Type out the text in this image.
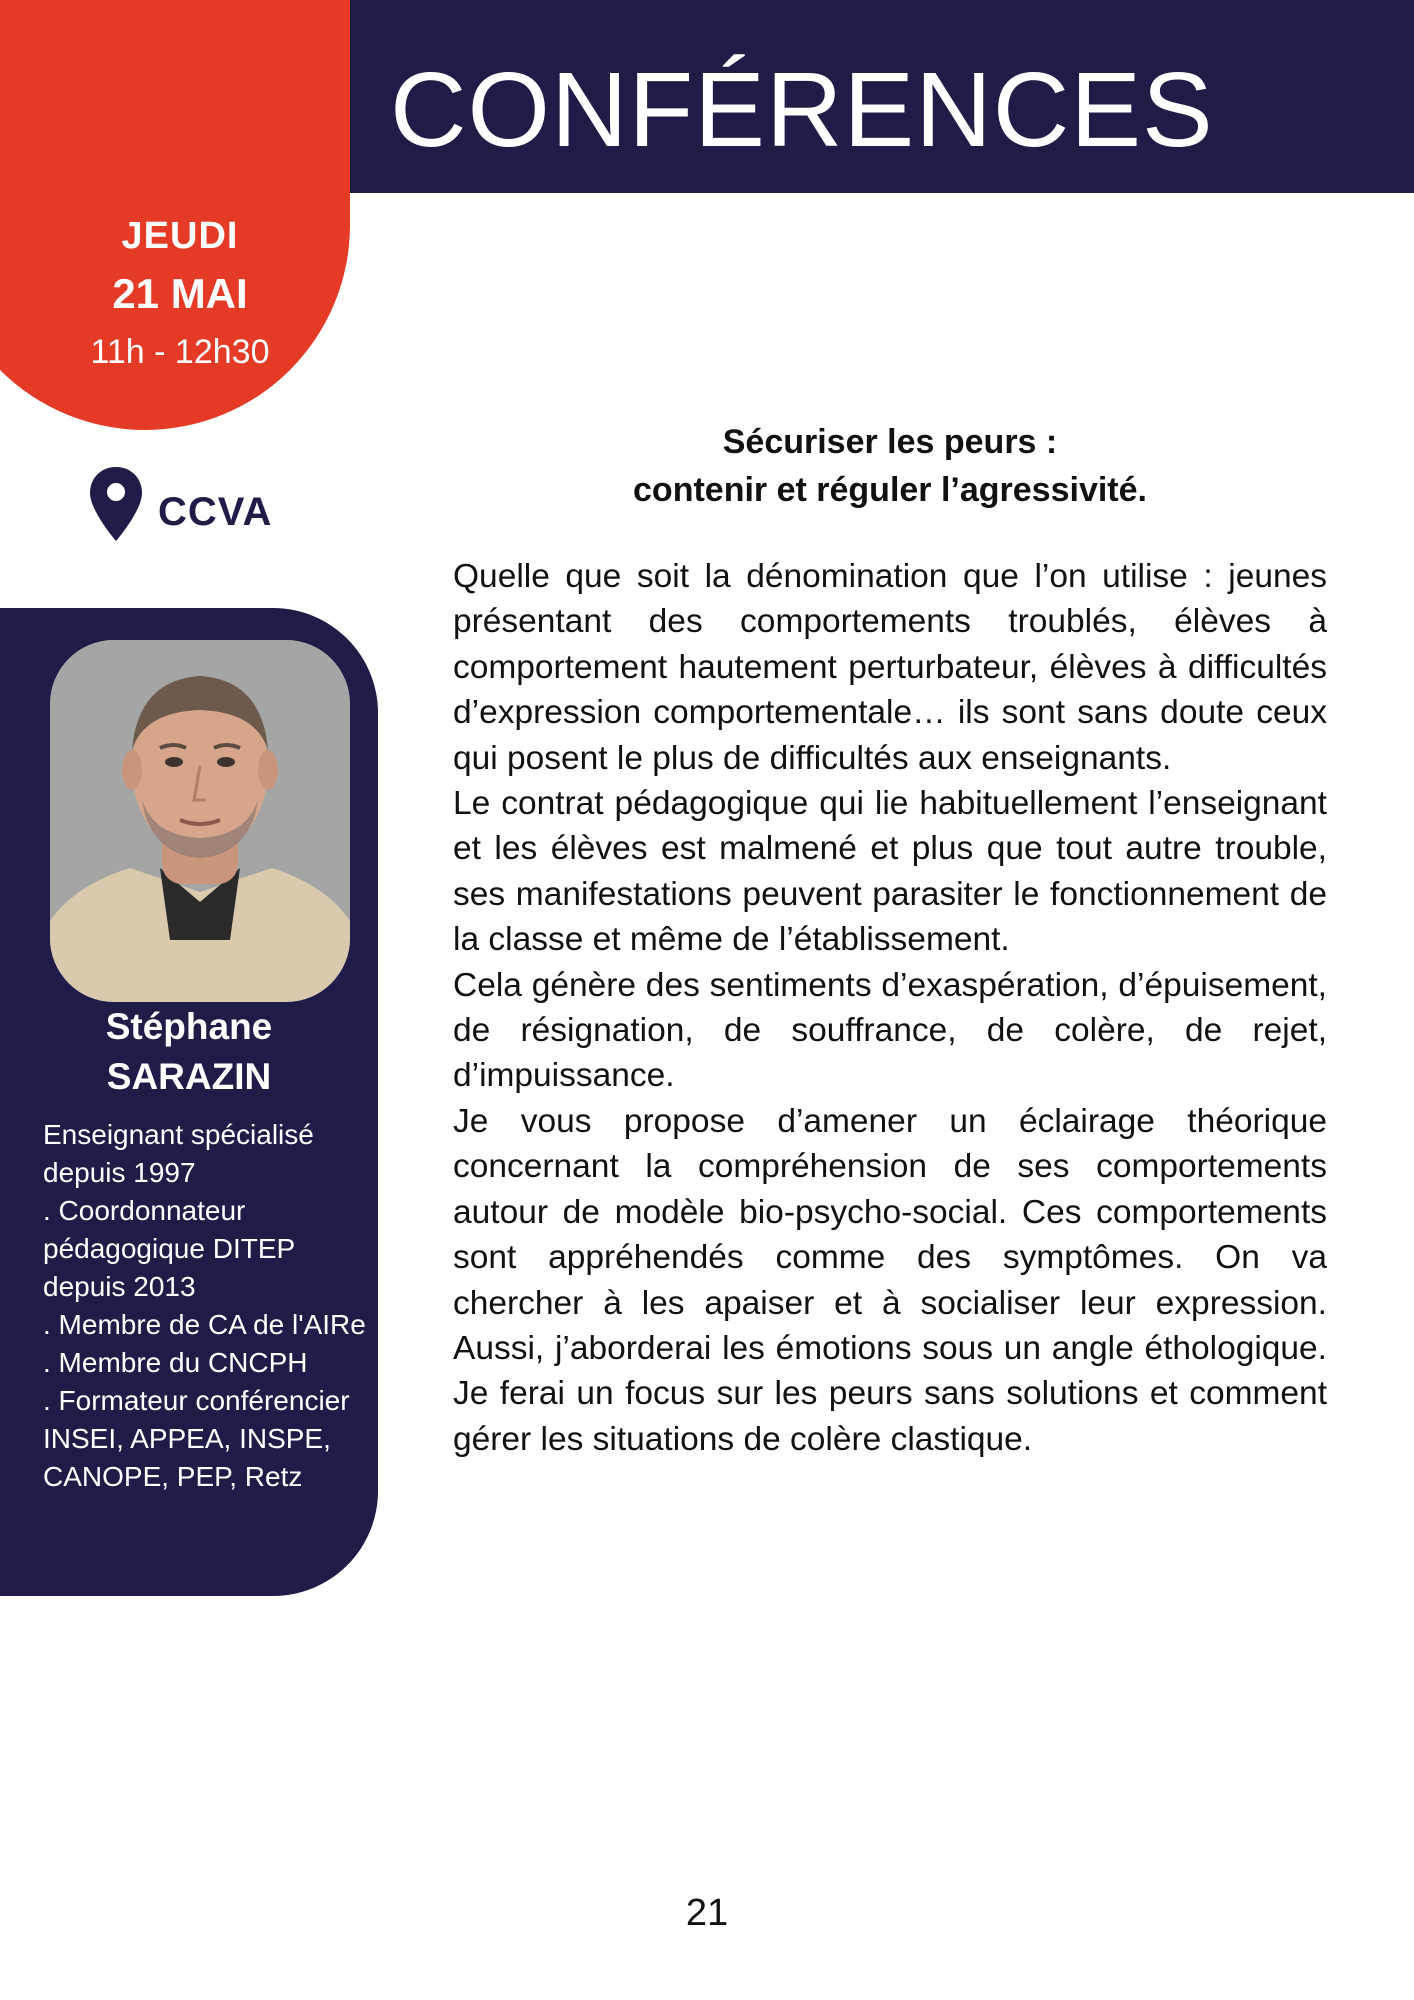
CONFÉRENCES
JEUDI
21 MAI
11h - 12h30
CCVA
Stéphane
SARAZIN
Enseignant spécialisé depuis 1997
. Coordonnateur pédagogique DITEP depuis 2013
. Membre de CA de l'AIRe
. Membre du CNCPH
. Formateur conférencier INSEI, APPEA, INSPE, CANOPE, PEP, Retz
Sécuriser les peurs :
contenir et réguler l’agressivité.

Quelle que soit la dénomination que l’on utilise : jeunes présentant des comportements troublés, élèves à comportement hautement perturbateur, élèves à difficultés d’expression comportementale… ils sont sans doute ceux qui posent le plus de difficultés aux enseignants.

Le contrat pédagogique qui lie habituellement l’enseignant et les élèves est malmené et plus que tout autre trouble, ses manifestations peuvent parasiter le fonctionnement de la classe et même de l’établissement.

Cela génère des sentiments d’exaspération, d’épuisement, de résignation, de souffrance, de colère, de rejet, d’impuissance.

Je vous propose d’amener un éclairage théorique concernant la compréhension de ses comportements autour de modèle bio-psycho-social. Ces comportements sont appréhendés comme des symptômes. On va chercher à les apaiser et à socialiser leur expression. Aussi, j’aborderai les émotions sous un angle éthologique. Je ferai un focus sur les peurs sans solutions et comment gérer les situations de colère clastique.

21
